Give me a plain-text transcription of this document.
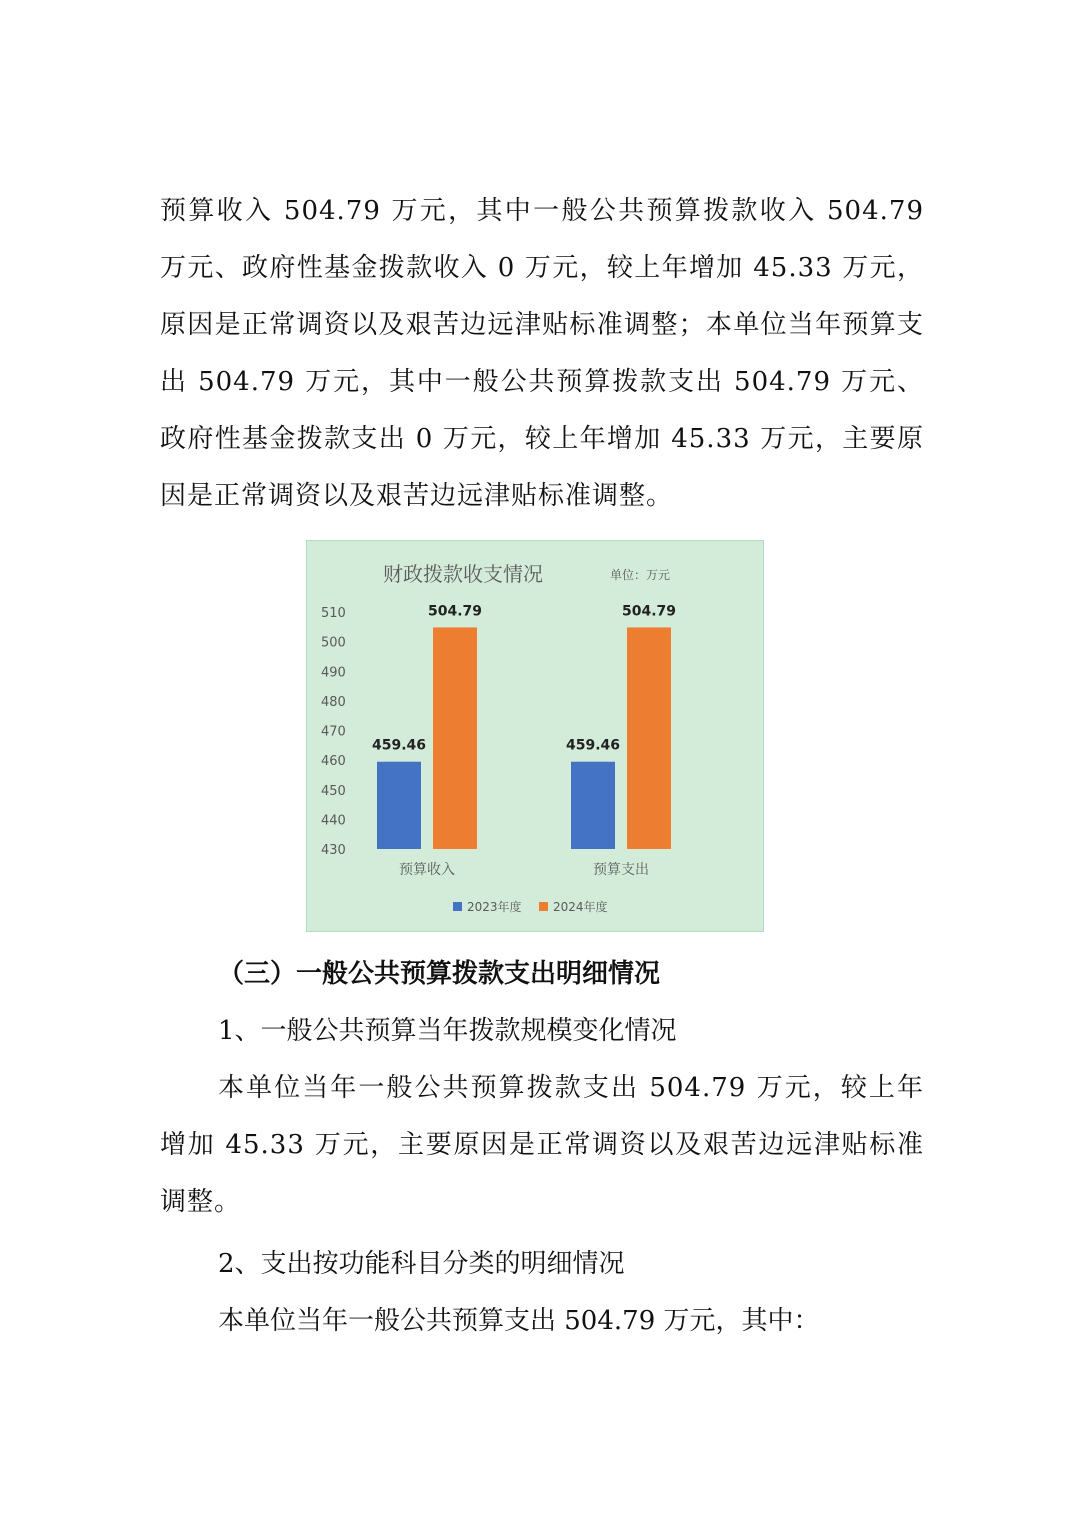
预算收入 504.79 万元，其中一般公共预算拨款收入 504.79 万元、政府性基金拨款收入 0 万元，较上年增加 45.33 万元，原因是正常调资以及艰苦边远津贴标准调整；本单位当年预算支出 504.79 万元，其中一般公共预算拨款支出 504.79 万元、政府性基金拨款支出 0 万元，较上年增加 45.33 万元，主要原因是正常调资以及艰苦边远津贴标准调整。

财政拨款收支情况	单位：万元
510
500
490
480
470
460
450
440
430
459.46
504.79
预算收入
459.46
504.79
预算支出
2023年度	2024年度

（三）一般公共预算拨款支出明细情况

1、一般公共预算当年拨款规模变化情况

本单位当年一般公共预算拨款支出 504.79 万元，较上年增加 45.33 万元，主要原因是正常调资以及艰苦边远津贴标准调整。

2、支出按功能科目分类的明细情况

本单位当年一般公共预算支出 504.79 万元，其中：
